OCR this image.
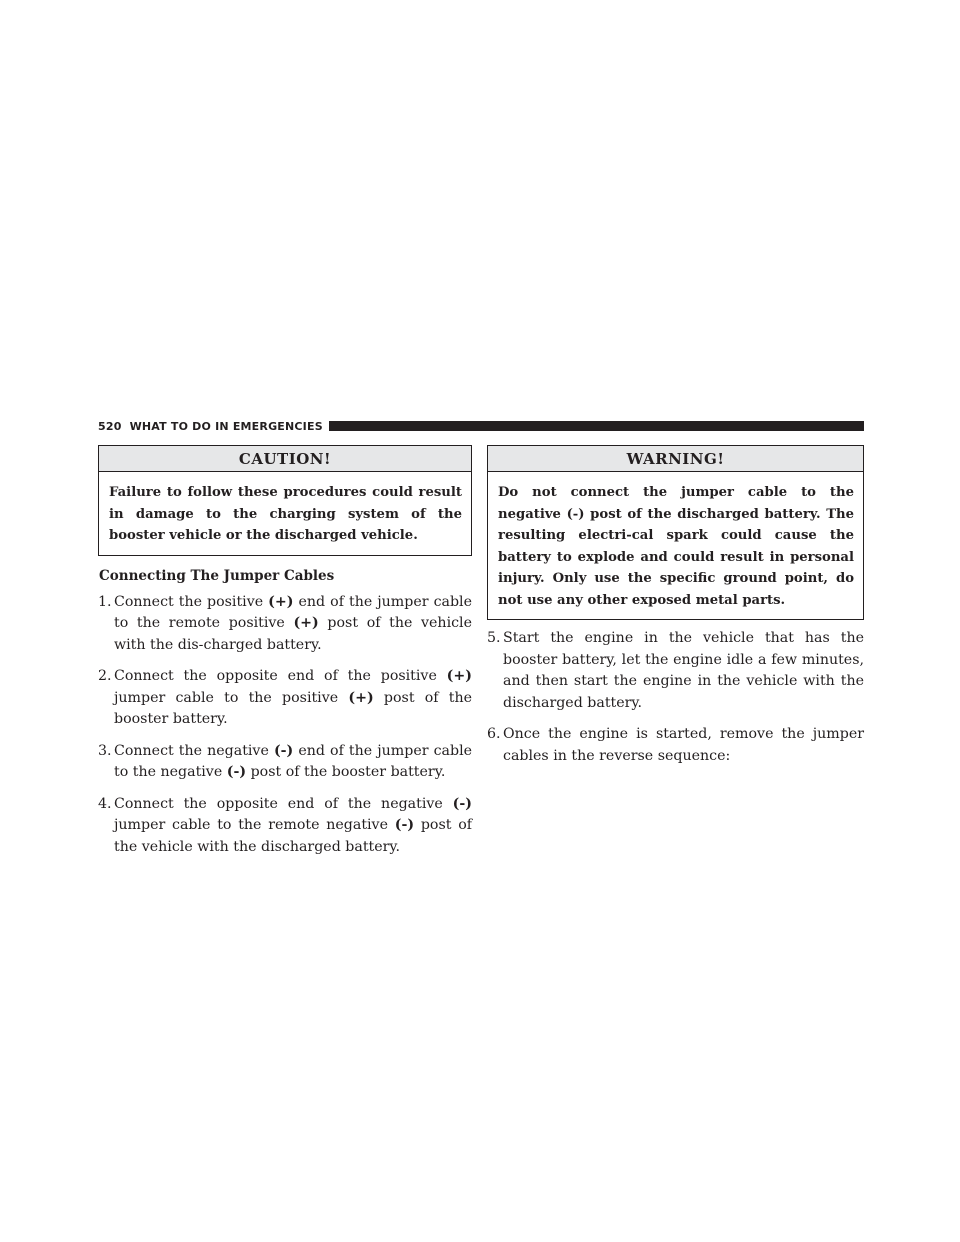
520 WHAT TO DO IN EMERGENCIES
CAUTION!
Failure to follow these procedures could result in damage to the charging system of the booster vehicle or the discharged vehicle.
Connecting The Jumper Cables
1. Connect the positive (+) end of the jumper cable to the remote positive (+) post of the vehicle with the dis-charged battery.
2. Connect the opposite end of the positive (+) jumper cable to the positive (+) post of the booster battery.
3. Connect the negative (-) end of the jumper cable to the negative (-) post of the booster battery.
4. Connect the opposite end of the negative (-) jumper cable to the remote negative (-) post of the vehicle with the discharged battery.
WARNING!
Do not connect the jumper cable to the negative (-) post of the discharged battery. The resulting electri-cal spark could cause the battery to explode and could result in personal injury. Only use the specific ground point, do not use any other exposed metal parts.
5. Start the engine in the vehicle that has the booster battery, let the engine idle a few minutes, and then start the engine in the vehicle with the discharged battery.
6. Once the engine is started, remove the jumper cables in the reverse sequence:
